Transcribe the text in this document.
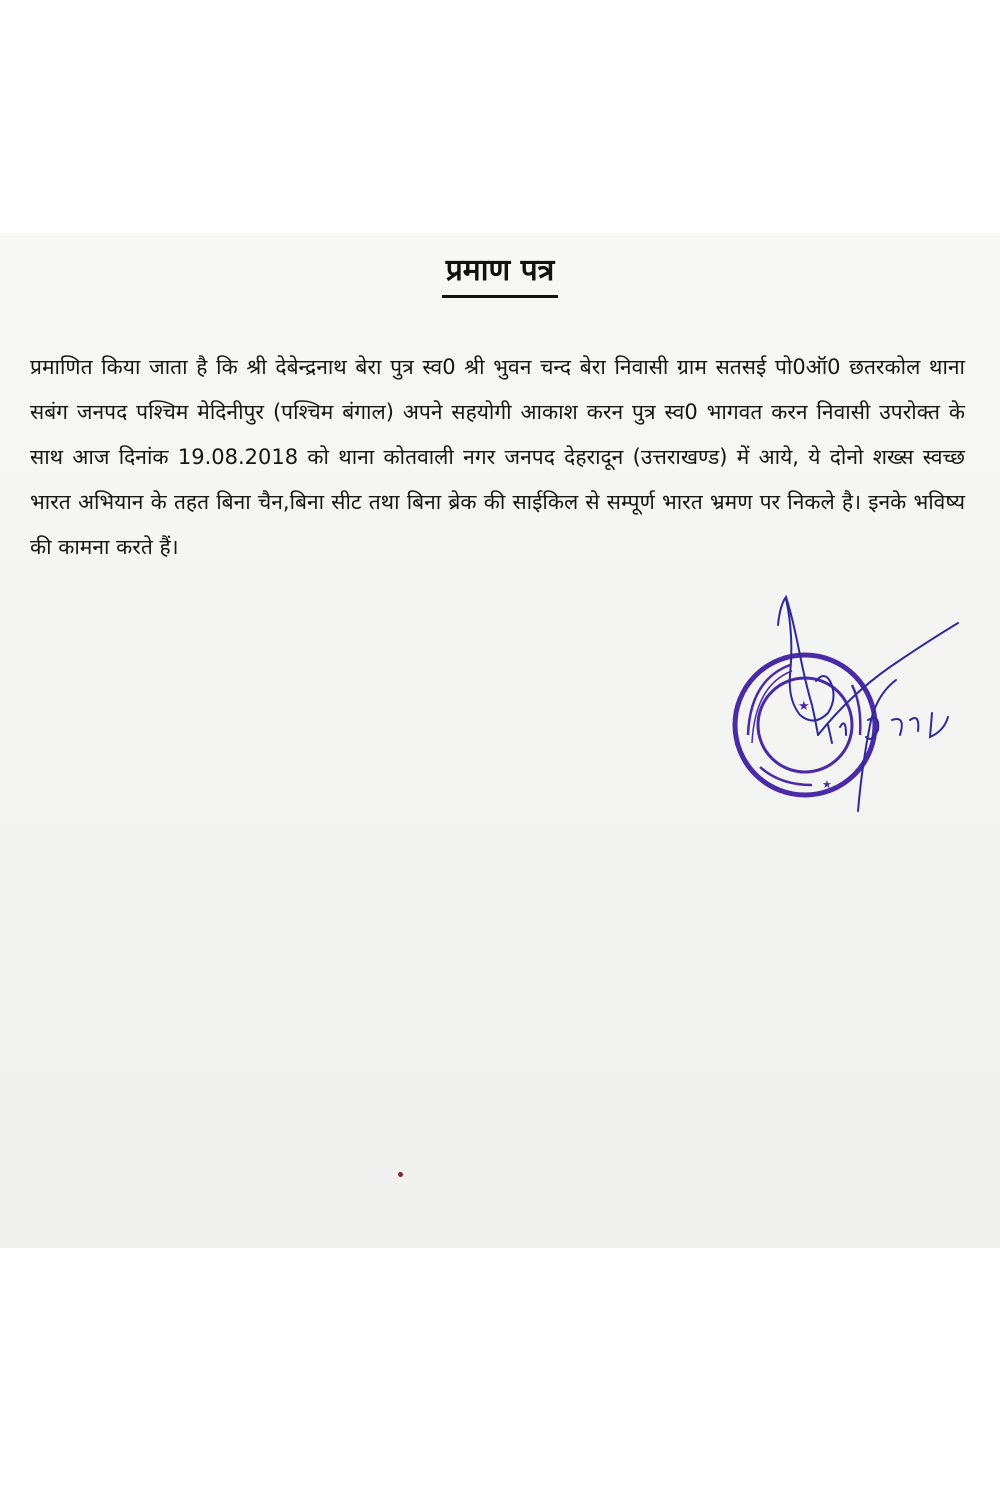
प्रमाण पत्र

प्रमाणित किया जाता है कि श्री देबेन्द्रनाथ बेरा पुत्र स्व0 श्री भुवन चन्द बेरा निवासी ग्राम सतसई पो0ऑ0 छतरकोल थाना सबंग जनपद पश्चिम मेदिनीपुर (पश्चिम बंगाल) अपने सहयोगी आकाश करन पुत्र स्व0 भागवत करन निवासी उपरोक्त के साथ आज दिनांक 19.08.2018 को थाना कोतवाली नगर जनपद देहरादून (उत्तराखण्ड) में आये, ये दोनो शख्स स्वच्छ भारत अभियान के तहत बिना चैन,बिना सीट तथा बिना ब्रेक की साईकिल से सम्पूर्ण भारत भ्रमण पर निकले है। इनके भविष्य की कामना करते हैं।

★
★
